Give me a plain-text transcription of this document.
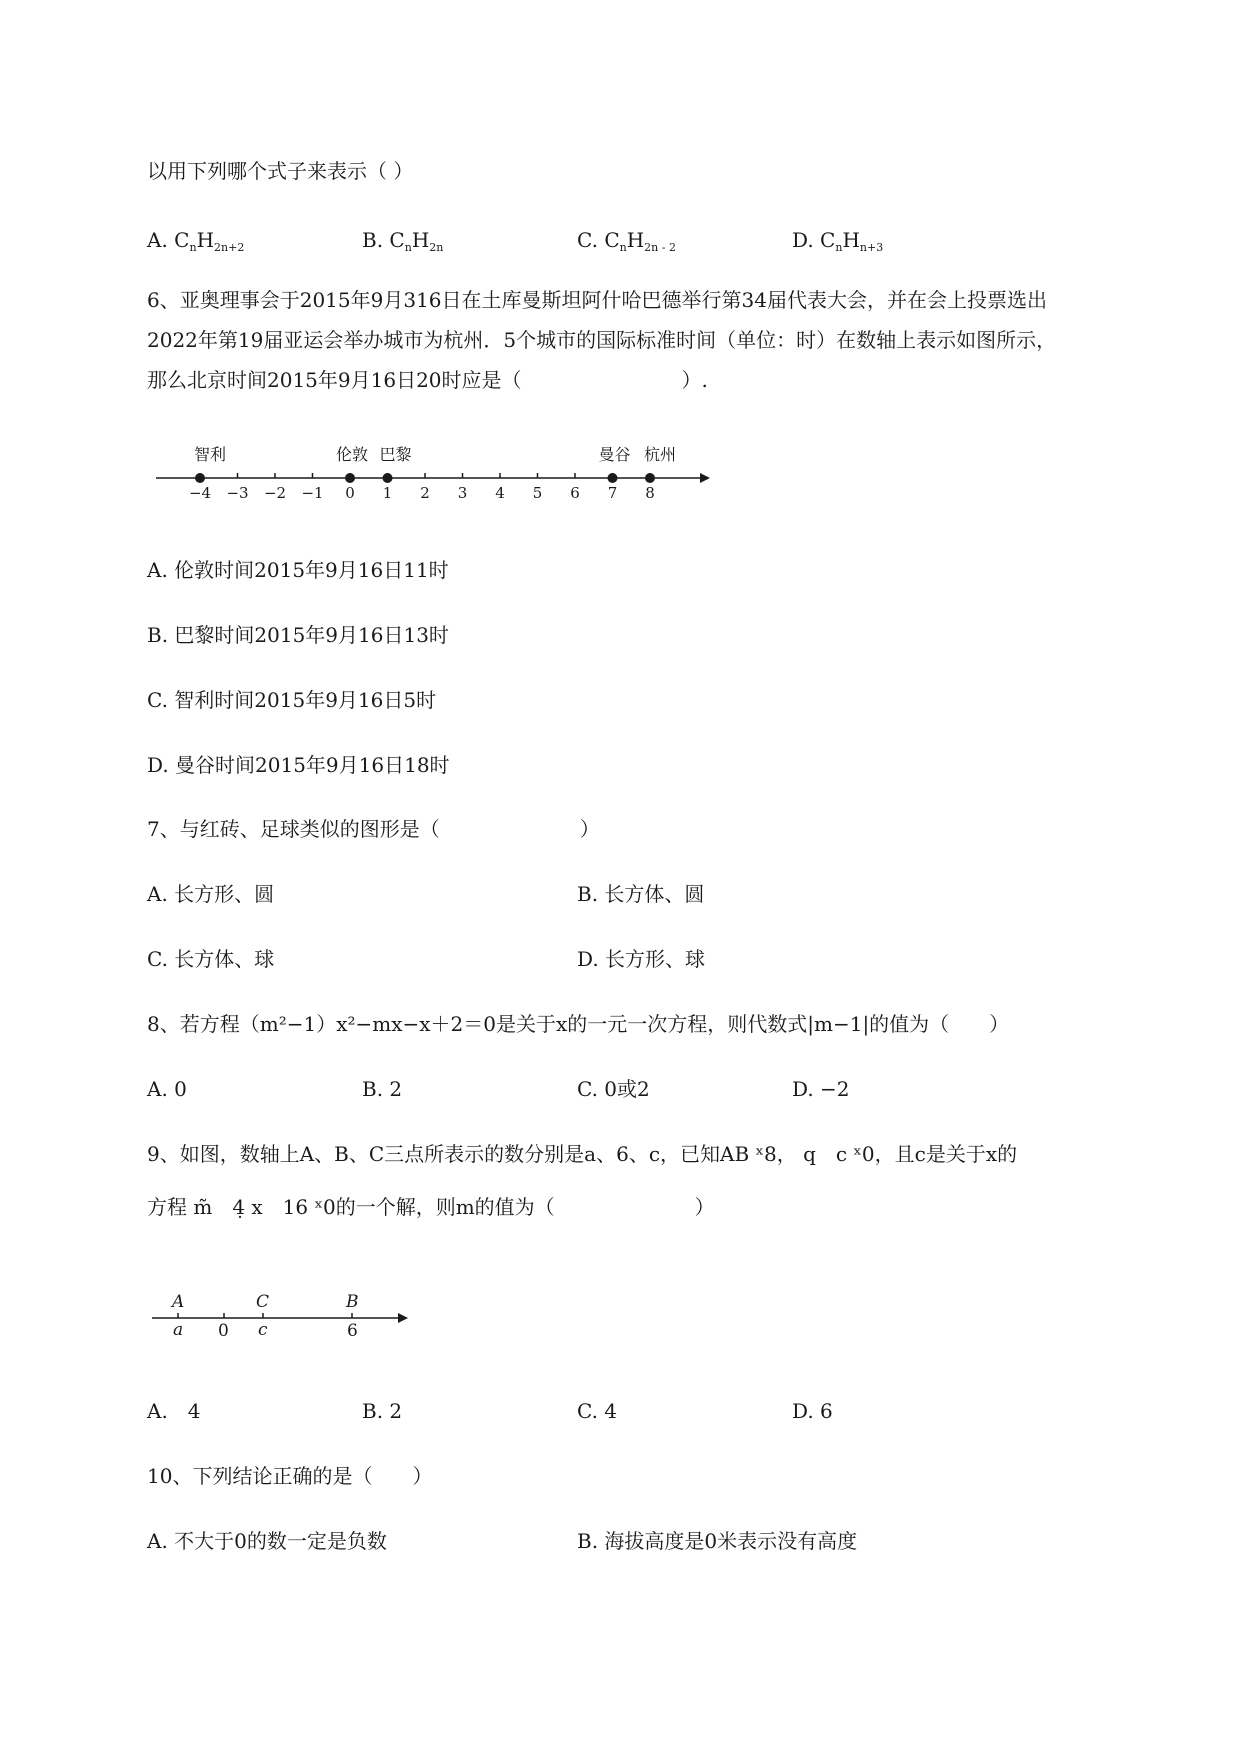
以用下列哪个式子来表示（ ）
A. $C_nH_{2n+2}$	B. $C_nH_{2n}$	C. $C_nH_{2n - 2}$	D. $C_nH_{n+3}$
6、亚奥理事会于2015年9月316日在土库曼斯坦阿什哈巴德举行第34届代表大会，并在会上投票选出
2022年第19届亚运会举办城市为杭州．5个城市的国际标准时间（单位：时）在数轴上表示如图所示，
那么北京时间2015年9月16日20时应是（　　　　　　　　）.
−4 −3 −2 −1 0 1 2 3 4 5 6 7 8
智利	伦敦 巴黎	曼谷 杭州
A. 伦敦时间2015年9月16日11时
B. 巴黎时间2015年9月16日13时
C. 智利时间2015年9月16日5时
D. 曼谷时间2015年9月16日18时
7、与红砖、足球类似的图形是（　　　　　　　）
A. 长方形、圆	B. 长方体、圆
C. 长方体、球	D. 长方形、球
8、若方程（m²−1）x²−mx−x＋2＝0是关于x的一元一次方程，则代数式|m−1|的值为（　　）
A. 0	B. 2	C. 0或2	D. −2
9、如图，数轴上A、B、C三点所表示的数分别是a、6、c，已知AB ˣ8， q　c ˣ0，且c是关于x的
方程 m̃　4̣ x　16 ˣ0的一个解，则m的值为（　　　　　　　）
A	C	B
a 0 c	6
A.　4	B. 2	C. 4	D. 6
10、下列结论正确的是（　　）
A. 不大于0的数一定是负数	B. 海拔高度是0米表示没有高度
